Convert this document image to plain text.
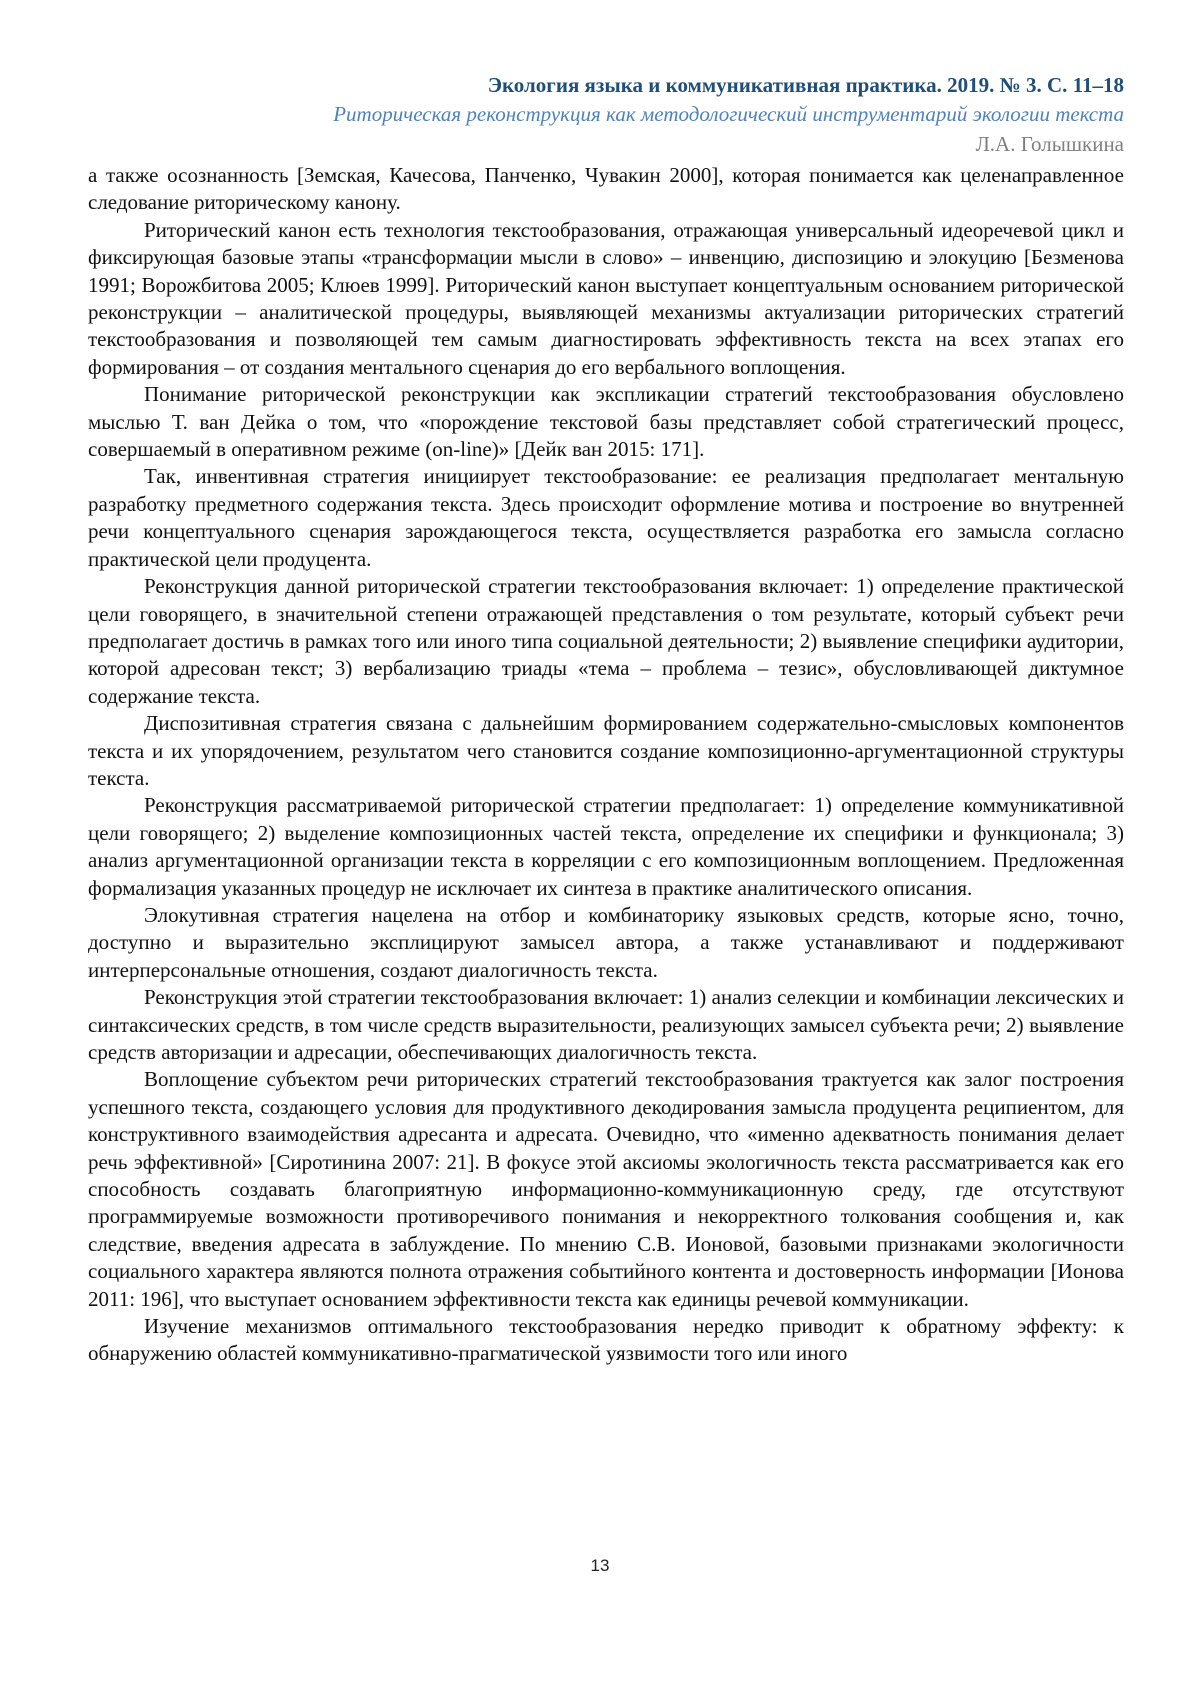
Экология языка и коммуникативная практика. 2019. № 3. С. 11–18
Риторическая реконструкция как методологический инструментарий экологии текста
Л.А. Голышкина

а также осознанность [Земская, Качесова, Панченко, Чувакин 2000], которая понимается как целенаправленное следование риторическому канону.

Риторический канон есть технология текстообразования, отражающая универсальный идеоречевой цикл и фиксирующая базовые этапы «трансформации мысли в слово» – инвенцию, диспозицию и элокуцию [Безменова 1991; Ворожбитова 2005; Клюев 1999]. Риторический канон выступает концептуальным основанием риторической реконструкции – аналитической процедуры, выявляющей механизмы актуализации риторических стратегий текстообразования и позволяющей тем самым диагностировать эффективность текста на всех этапах его формирования – от создания ментального сценария до его вербального воплощения.

Понимание риторической реконструкции как экспликации стратегий текстообразования обусловлено мыслью Т. ван Дейка о том, что «порождение текстовой базы представляет собой стратегический процесс, совершаемый в оперативном режиме (on-line)» [Дейк ван 2015: 171].

Так, инвентивная стратегия инициирует текстообразование: ее реализация предполагает ментальную разработку предметного содержания текста. Здесь происходит оформление мотива и построение во внутренней речи концептуального сценария зарождающегося текста, осуществляется разработка его замысла согласно практической цели продуцента.

Реконструкция данной риторической стратегии текстообразования включает: 1) определение практической цели говорящего, в значительной степени отражающей представления о том результате, который субъект речи предполагает достичь в рамках того или иного типа социальной деятельности; 2) выявление специфики аудитории, которой адресован текст; 3) вербализацию триады «тема – проблема – тезис», обусловливающей диктумное содержание текста.

Диспозитивная стратегия связана с дальнейшим формированием содержательно-смысловых компонентов текста и их упорядочением, результатом чего становится создание композиционно-аргументационной структуры текста.

Реконструкция рассматриваемой риторической стратегии предполагает: 1) определение коммуникативной цели говорящего; 2) выделение композиционных частей текста, определение их специфики и функционала; 3) анализ аргументационной организации текста в корреляции с его композиционным воплощением. Предложенная формализация указанных процедур не исключает их синтеза в практике аналитического описания.

Элокутивная стратегия нацелена на отбор и комбинаторику языковых средств, которые ясно, точно, доступно и выразительно эксплицируют замысел автора, а также устанавливают и поддерживают интерперсональные отношения, создают диалогичность текста.

Реконструкция этой стратегии текстообразования включает: 1) анализ селекции и комбинации лексических и синтаксических средств, в том числе средств выразительности, реализующих замысел субъекта речи; 2) выявление средств авторизации и адресации, обеспечивающих диалогичность текста.

Воплощение субъектом речи риторических стратегий текстообразования трактуется как залог построения успешного текста, создающего условия для продуктивного декодирования замысла продуцента реципиентом, для конструктивного взаимодействия адресанта и адресата. Очевидно, что «именно адекватность понимания делает речь эффективной» [Сиротинина 2007: 21]. В фокусе этой аксиомы экологичность текста рассматривается как его способность создавать благоприятную информационно-коммуникационную среду, где отсутствуют программируемые возможности противоречивого понимания и некорректного толкования сообщения и, как следствие, введения адресата в заблуждение. По мнению С.В. Ионовой, базовыми признаками экологичности социального характера являются полнота отражения событийного контента и достоверность информации [Ионова 2011: 196], что выступает основанием эффективности текста как единицы речевой коммуникации.

Изучение механизмов оптимального текстообразования нередко приводит к обратному эффекту: к обнаружению областей коммуникативно-прагматической уязвимости того или иного

13
